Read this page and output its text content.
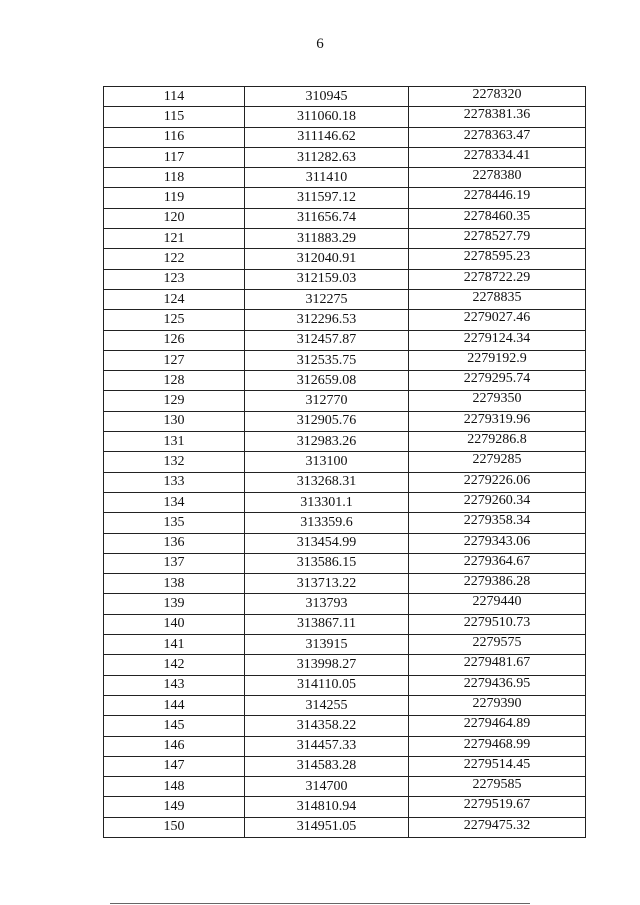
6
114	310945	2278320
115	311060.18	2278381.36
116	311146.62	2278363.47
117	311282.63	2278334.41
118	311410	2278380
119	311597.12	2278446.19
120	311656.74	2278460.35
121	311883.29	2278527.79
122	312040.91	2278595.23
123	312159.03	2278722.29
124	312275	2278835
125	312296.53	2279027.46
126	312457.87	2279124.34
127	312535.75	2279192.9
128	312659.08	2279295.74
129	312770	2279350
130	312905.76	2279319.96
131	312983.26	2279286.8
132	313100	2279285
133	313268.31	2279226.06
134	313301.1	2279260.34
135	313359.6	2279358.34
136	313454.99	2279343.06
137	313586.15	2279364.67
138	313713.22	2279386.28
139	313793	2279440
140	313867.11	2279510.73
141	313915	2279575
142	313998.27	2279481.67
143	314110.05	2279436.95
144	314255	2279390
145	314358.22	2279464.89
146	314457.33	2279468.99
147	314583.28	2279514.45
148	314700	2279585
149	314810.94	2279519.67
150	314951.05	2279475.32
